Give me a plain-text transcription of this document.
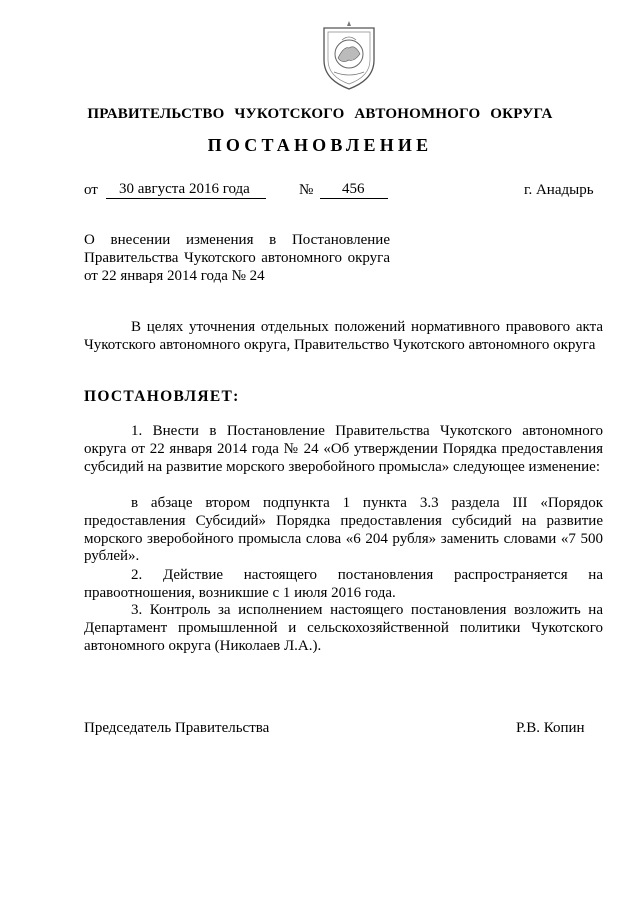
ПРАВИТЕЛЬСТВО ЧУКОТСКОГО АВТОНОМНОГО ОКРУГА
ПОСТАНОВЛЕНИЕ
от 30 августа 2016 года	№ 456	г. Анадырь
О внесении изменения в Постановление Правительства Чукотского автономного округа от 22 января 2014 года № 24
В целях уточнения отдельных положений нормативного правового акта Чукотского автономного округа, Правительство Чукотского автономного округа
ПОСТАНОВЛЯЕТ:
1. Внести в Постановление Правительства Чукотского автономного округа от 22 января 2014 года № 24 «Об утверждении Порядка предоставления субсидий на развитие морского зверобойного промысла» следующее изменение:
в абзаце втором подпункта 1 пункта 3.3 раздела III «Порядок предоставления Субсидий» Порядка предоставления субсидий на развитие морского зверобойного промысла слова «6 204 рубля» заменить словами «7 500 рублей».
2. Действие настоящего постановления распространяется на правоотношения, возникшие с 1 июля 2016 года.
3. Контроль за исполнением настоящего постановления возложить на Департамент промышленной и сельскохозяйственной политики Чукотского автономного округа (Николаев Л.А.).
Председатель Правительства	Р.В. Копин
